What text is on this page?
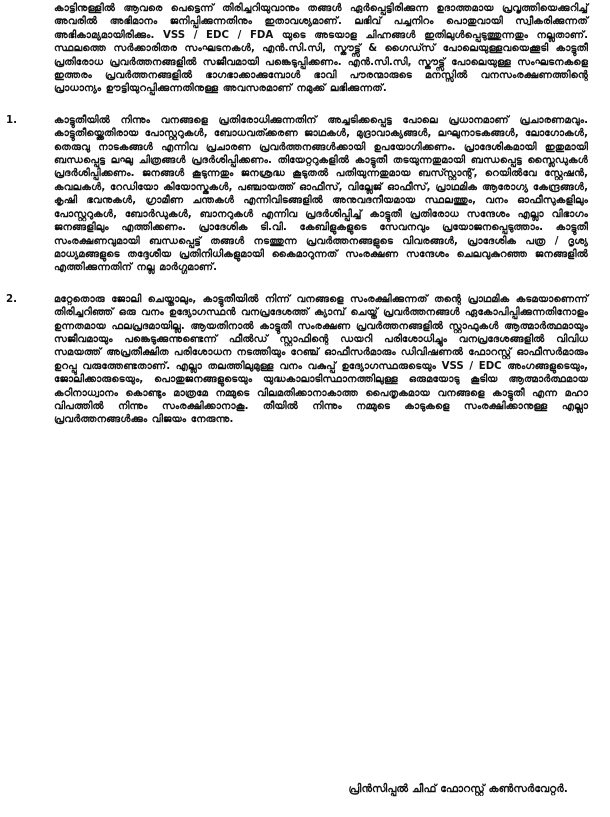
കാട്ടിനുള്ളിൽ ആവരെ പെട്ടെന്ന് തിരിച്ചറിയുവാനും തങ്ങൾ ഏർപ്പെട്ടിരിക്കുന്ന ഉദാത്തമായ പ്രവൃത്തിയെക്കുറിച്ച് അവരിൽ അഭിമാനം ജനിപ്പിക്കുന്നതിനും ഇതാവശ്യമാണ്. ലഭിവ് പച്ചനിറം പൊതുവായി സ്വീകരിക്കുന്നത് അഭികാമ്യമായിരിക്കും. VSS / EDC / FDA യുടെ അടയാള ചിഹ്നങ്ങൾ ഇതിലുൾപ്പെടുത്തുന്നതും നല്ലതാണ്. സ്ഥലത്തെ സർക്കാരിതര സംഘടനകൾ, എൻ.സി.സി, സ്കൗട്ട്സ് & ഗൈഡ്സ് പോലെയുള്ളവയെക്കൂടി കാട്ടുതീ പ്രതിരോധ പ്രവർത്തനങ്ങളിൽ സജീവമായി പങ്കെടുപ്പിക്കണം. എൻ.സി.സി, സ്കൗട്ട്സ് പോലെയുള്ള സംഘടനകളെ ഇത്തരം പ്രവർത്തനങ്ങളിൽ ഭാഗഭാക്കാക്കുമ്പോൾ ഭാവി പൗരന്മാരുടെ മനസ്സിൽ വനസംരക്ഷണത്തിന്റെ പ്രാധാന്യം ഊട്ടിയുറപ്പിക്കുന്നതിനുള്ള അവസരമാണ് നമുക്ക് ലഭിക്കുന്നത്.

1.	കാട്ടുതീയിൽ നിന്നും വനങ്ങളെ പ്രതിരോധിക്കുന്നതിന് അച്ചടിക്കപ്പെട്ട പോലെ പ്രധാനമാണ് പ്രചാരണമവും. കാട്ടുതീയ്ക്കെതിരായ പോസ്റ്ററുകൾ, ബോധവത്ക്കരണ ജാഥകൾ, മുദ്രാവാക്യങ്ങൾ, ലഘുനാടകങ്ങൾ, ലോഗോകൾ, തെരുവു നാടകങ്ങൾ എന്നിവ പ്രചാരണ പ്രവർത്തനങ്ങൾക്കായി ഉപയോഗിക്കണം. പ്രാദേശികമായി ഇതുമായി ബന്ധപ്പെട്ട ലഘു ചിത്രങ്ങൾ പ്രദർശിപ്പിക്കണം. തിയേറ്ററുകളിൽ കാട്ടുതീ തടയുന്നതുമായി ബന്ധപ്പെട്ട സ്ലൈഡുകൾ പ്രദർശിപ്പിക്കണം. ജനങ്ങൾ കൂടുന്നതും ജനശ്രദ്ധ കൂടുതൽ പതിയുന്നതുമായ ബസ്സ്റ്റാന്റ്, റെയിൽവേ സ്റ്റേഷൻ, കവലകൾ, റേഡിയോ കിയോസ്കുകൾ, പഞ്ചായത്ത് ഓഫീസ്, വില്ലേജ് ഓഫീസ്, പ്രാഥമിക ആരോഗ്യ കേന്ദ്രങ്ങൾ, കൃഷി ഭവനുകൾ, ഗ്രാമീണ ചന്തകൾ എന്നിവിടങ്ങളിൽ അനുവദനീയമായ സ്ഥലത്തും, വനം ഓഫീസുകളിലും പോസ്റ്ററുകൾ, ബോർഡുകൾ, ബാനറുകൾ എന്നിവ പ്രദർശിപ്പിച്ച് കാട്ടുതീ പ്രതിരോധ സന്ദേശം എല്ലാ വിഭാഗം ജനങ്ങളിലും എത്തിക്കണം. പ്രാദേശിക ടി.വി. കേബിളുകളുടെ സേവനവും പ്രയോജനപ്പെടുത്താം. കാട്ടുതീ സംരക്ഷണവുമായി ബന്ധപ്പെട്ട് തങ്ങൾ നടത്തുന്ന പ്രവർത്തനങ്ങളുടെ വിവരങ്ങൾ, പ്രാദേശിക പത്ര / ദൃശ്യ മാധ്യമങ്ങളുടെ തദ്ദേശീയ പ്രതിനിധികളുമായി കൈമാറുന്നത് സംരക്ഷണ സന്ദേശം ചെലവുകുറഞ്ഞ ജനങ്ങളിൽ എത്തിക്കുന്നതിന് നല്ല മാർഗ്ഗമാണ്.

2.	മറ്റേതൊരു ജോലി ചെയ്താലും, കാട്ടുതീയിൽ നിന്ന് വനങ്ങളെ സംരക്ഷിക്കുന്നത് തന്റെ പ്രാഥമിക കടമയാണെന്ന് തിരിച്ചറിഞ്ഞ് ഒരു വനം ഉദ്യോഗസ്ഥൻ വനപ്രദേശത്ത് ക്യാമ്പ് ചെയ്ത് പ്രവർത്തനങ്ങൾ ഏകോപിപ്പിക്കുന്നതിനോളം ഉന്നതമായ ഫലപ്രദമായില്ല. ആയതിനാൽ കാട്ടുതീ സംരക്ഷണ പ്രവർത്തനങ്ങളിൽ സ്റ്റാഫുകൾ ആത്മാർത്ഥമായും സജീവമായും പങ്കെടുക്കുന്നുണ്ടെന്ന് ഫീൽഡ് സ്റ്റാഫിന്റെ ഡയറി പരിശോധിച്ചും വനപ്രദേശങ്ങളിൽ വിവിധ സമയത്ത് അപ്രതീക്ഷിത പരിശോധന നടത്തിയും റേഞ്ച് ഓഫീസർമാരും ഡിവിഷണൽ ഫോറസ്റ്റ് ഓഫീസർമാരും ഉറപ്പു വരുത്തേണ്ടതാണ്. എല്ലാ തലത്തിലുമുള്ള വനം വകുപ്പ് ഉദ്യോഗസ്ഥരുടെയും VSS / EDC അംഗങ്ങളുടെയും, ജോലിക്കാരുടെയും, പൊതുജനങ്ങളുടെയും യുദ്ധകാലാടിസ്ഥാനത്തിലുള്ള ഒരുമയോടു കൂടിയ ആത്മാർത്ഥമായ കഠിനാധ്വാനം കൊണ്ടും മാത്രമേ നമ്മുടെ വിലമതിക്കാനാകാത്ത പൈതൃകമായ വനങ്ങളെ കാട്ടുതീ എന്ന മഹാ വിപത്തിൽ നിന്നും സംരക്ഷിക്കാനാകൂ. തീയിൽ നിന്നും നമ്മുടെ കാടുകളെ സംരക്ഷിക്കാനുള്ള എല്ലാ പ്രവർത്തനങ്ങൾക്കും വിജയം നേരുന്നു.

പ്രിൻസിപ്പൽ ചീഫ് ഫോറസ്റ്റ് കൺസർവേറ്റർ.
